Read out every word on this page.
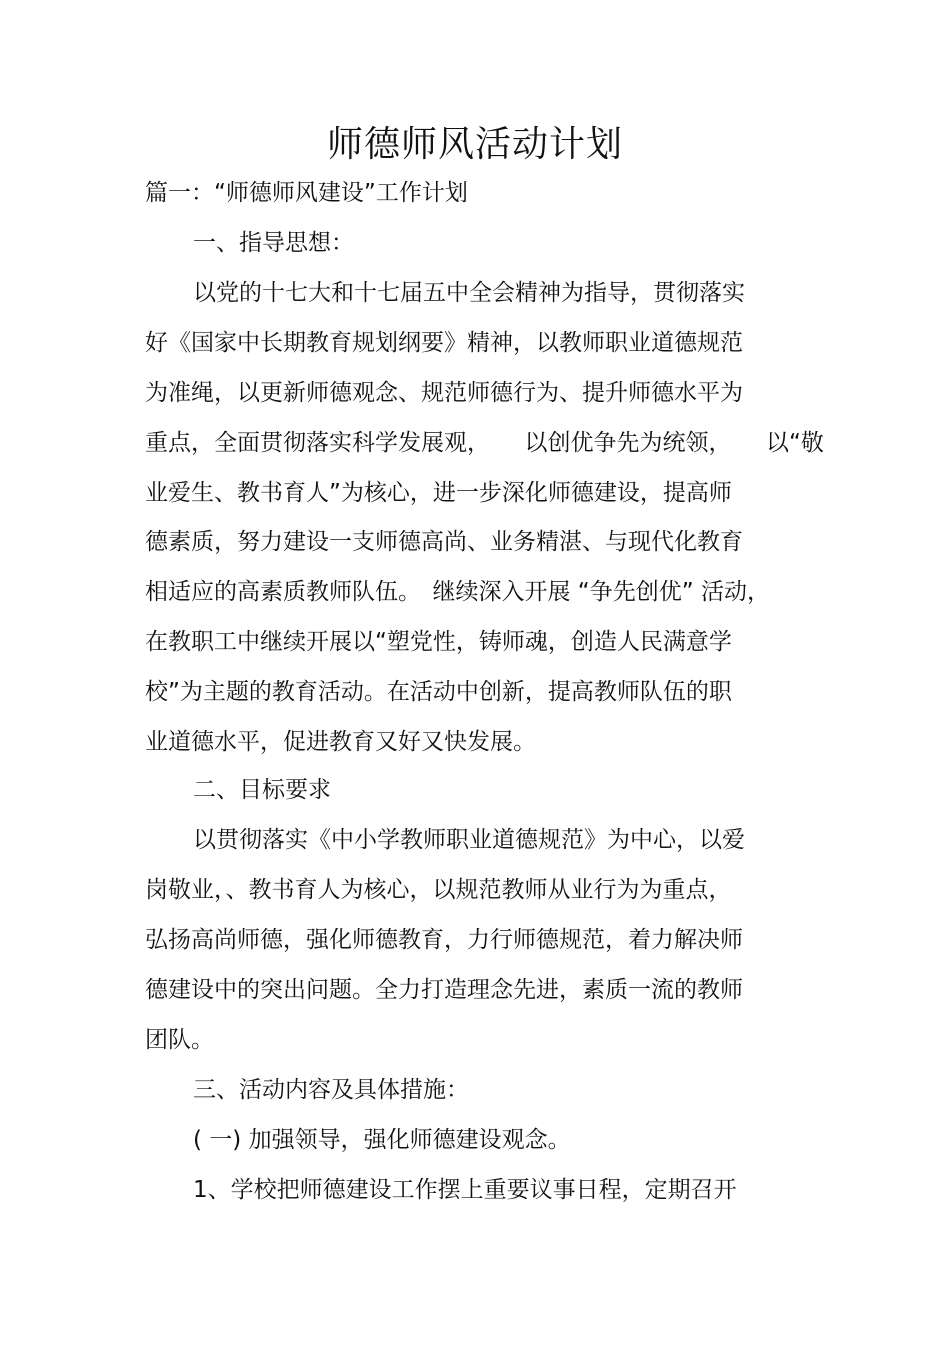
师德师风活动计划
篇一：“师德师风建设”工作计划
一、指导思想：
以党的十七大和十七届五中全会精神为指导，贯彻落实
好《国家中长期教育规划纲要》精神，以教师职业道德规范
为准绳，以更新师德观念、规范师德行为、提升师德水平为
重点，全面贯彻落实科学发展观，　　以创优争先为统领，　　以“敬
业爱生、教书育人”为核心，进一步深化师德建设，提高师
德素质，努力建设一支师德高尚、业务精湛、与现代化教育
相适应的高素质教师队伍。　继续深入开展 “争先创优” 活动，
在教职工中继续开展以“塑党性，铸师魂，创造人民满意学
校”为主题的教育活动。在活动中创新，提高教师队伍的职
业道德水平，促进教育又好又快发展。
二、目标要求
以贯彻落实《中小学教师职业道德规范》为中心，以爱
岗敬业，、教书育人为核心，以规范教师从业行为为重点，
弘扬高尚师德，强化师德教育，力行师德规范，着力解决师
德建设中的突出问题。全力打造理念先进，素质一流的教师
团队。
三、活动内容及具体措施：
( 一) 加强领导，强化师德建设观念。
1、学校把师德建设工作摆上重要议事日程，定期召开
